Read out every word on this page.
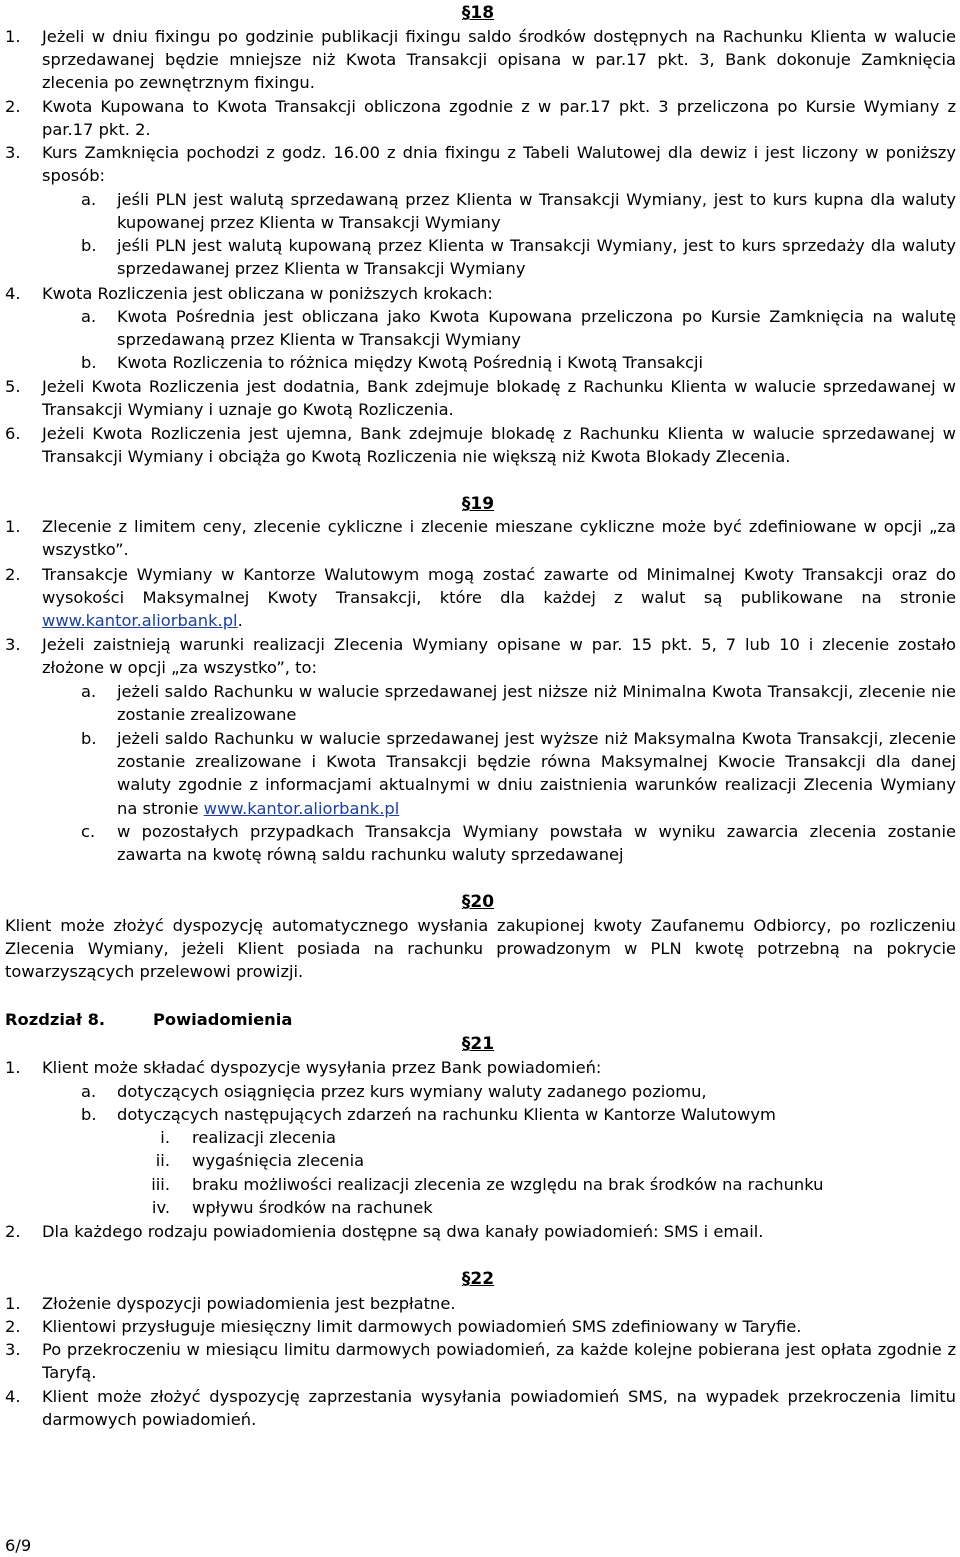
§18
1. Jeżeli w dniu fixingu po godzinie publikacji fixingu saldo środków dostępnych na Rachunku Klienta w walucie sprzedawanej będzie mniejsze niż Kwota Transakcji opisana w par.17 pkt. 3, Bank dokonuje Zamknięcia zlecenia po zewnętrznym fixingu.
2. Kwota Kupowana to Kwota Transakcji obliczona zgodnie z w par.17 pkt. 3 przeliczona po Kursie Wymiany z par.17 pkt. 2.
3. Kurs Zamknięcia pochodzi z godz. 16.00 z dnia fixingu z Tabeli Walutowej dla dewiz i jest liczony w poniższy sposób:
a. jeśli PLN jest walutą sprzedawaną przez Klienta w Transakcji Wymiany, jest to kurs kupna dla waluty kupowanej przez Klienta w Transakcji Wymiany
b. jeśli PLN jest walutą kupowaną przez Klienta w Transakcji Wymiany, jest to kurs sprzedaży dla waluty sprzedawanej przez Klienta w Transakcji Wymiany
4. Kwota Rozliczenia jest obliczana w poniższych krokach:
a. Kwota Pośrednia jest obliczana jako Kwota Kupowana przeliczona po Kursie Zamknięcia na walutę sprzedawaną przez Klienta w Transakcji Wymiany
b. Kwota Rozliczenia to różnica między Kwotą Pośrednią i Kwotą Transakcji
5. Jeżeli Kwota Rozliczenia jest dodatnia, Bank zdejmuje blokadę z Rachunku Klienta w walucie sprzedawanej w Transakcji Wymiany i uznaje go Kwotą Rozliczenia.
6. Jeżeli Kwota Rozliczenia jest ujemna, Bank zdejmuje blokadę z Rachunku Klienta w walucie sprzedawanej w Transakcji Wymiany i obciąża go Kwotą Rozliczenia nie większą niż Kwota Blokady Zlecenia.
§19
1. Zlecenie z limitem ceny, zlecenie cykliczne i zlecenie mieszane cykliczne może być zdefiniowane w opcji „za wszystko”.
2. Transakcje Wymiany w Kantorze Walutowym mogą zostać zawarte od Minimalnej Kwoty Transakcji oraz do wysokości Maksymalnej Kwoty Transakcji, które dla każdej z walut są publikowane na stronie www.kantor.aliorbank.pl.
3. Jeżeli zaistnieją warunki realizacji Zlecenia Wymiany opisane w par. 15 pkt. 5, 7 lub 10 i zlecenie zostało złożone w opcji „za wszystko”, to:
a. jeżeli saldo Rachunku w walucie sprzedawanej jest niższe niż Minimalna Kwota Transakcji, zlecenie nie zostanie zrealizowane
b. jeżeli saldo Rachunku w walucie sprzedawanej jest wyższe niż Maksymalna Kwota Transakcji, zlecenie zostanie zrealizowane i Kwota Transakcji będzie równa Maksymalnej Kwocie Transakcji dla danej waluty zgodnie z informacjami aktualnymi w dniu zaistnienia warunków realizacji Zlecenia Wymiany na stronie www.kantor.aliorbank.pl
c. w pozostałych przypadkach Transakcja Wymiany powstała w wyniku zawarcia zlecenia zostanie zawarta na kwotę równą saldu rachunku waluty sprzedawanej
§20
Klient może złożyć dyspozycję automatycznego wysłania zakupionej kwoty Zaufanemu Odbiorcy, po rozliczeniu Zlecenia Wymiany, jeżeli Klient posiada na rachunku prowadzonym w PLN kwotę potrzebną na pokrycie towarzyszących przelewowi prowizji.
Rozdział 8.	Powiadomienia
§21
1. Klient może składać dyspozycje wysyłania przez Bank powiadomień:
a. dotyczących osiągnięcia przez kurs wymiany waluty zadanego poziomu,
b. dotyczących następujących zdarzeń na rachunku Klienta w Kantorze Walutowym
i. realizacji zlecenia
ii. wygaśnięcia zlecenia
iii. braku możliwości realizacji zlecenia ze względu na brak środków na rachunku
iv. wpływu środków na rachunek
2. Dla każdego rodzaju powiadomienia dostępne są dwa kanały powiadomień: SMS i email.
§22
1. Złożenie dyspozycji powiadomienia jest bezpłatne.
2. Klientowi przysługuje miesięczny limit darmowych powiadomień SMS zdefiniowany w Taryfie.
3. Po przekroczeniu w miesiącu limitu darmowych powiadomień, za każde kolejne pobierana jest opłata zgodnie z Taryfą.
4. Klient może złożyć dyspozycję zaprzestania wysyłania powiadomień SMS, na wypadek przekroczenia limitu darmowych powiadomień.
6/9
